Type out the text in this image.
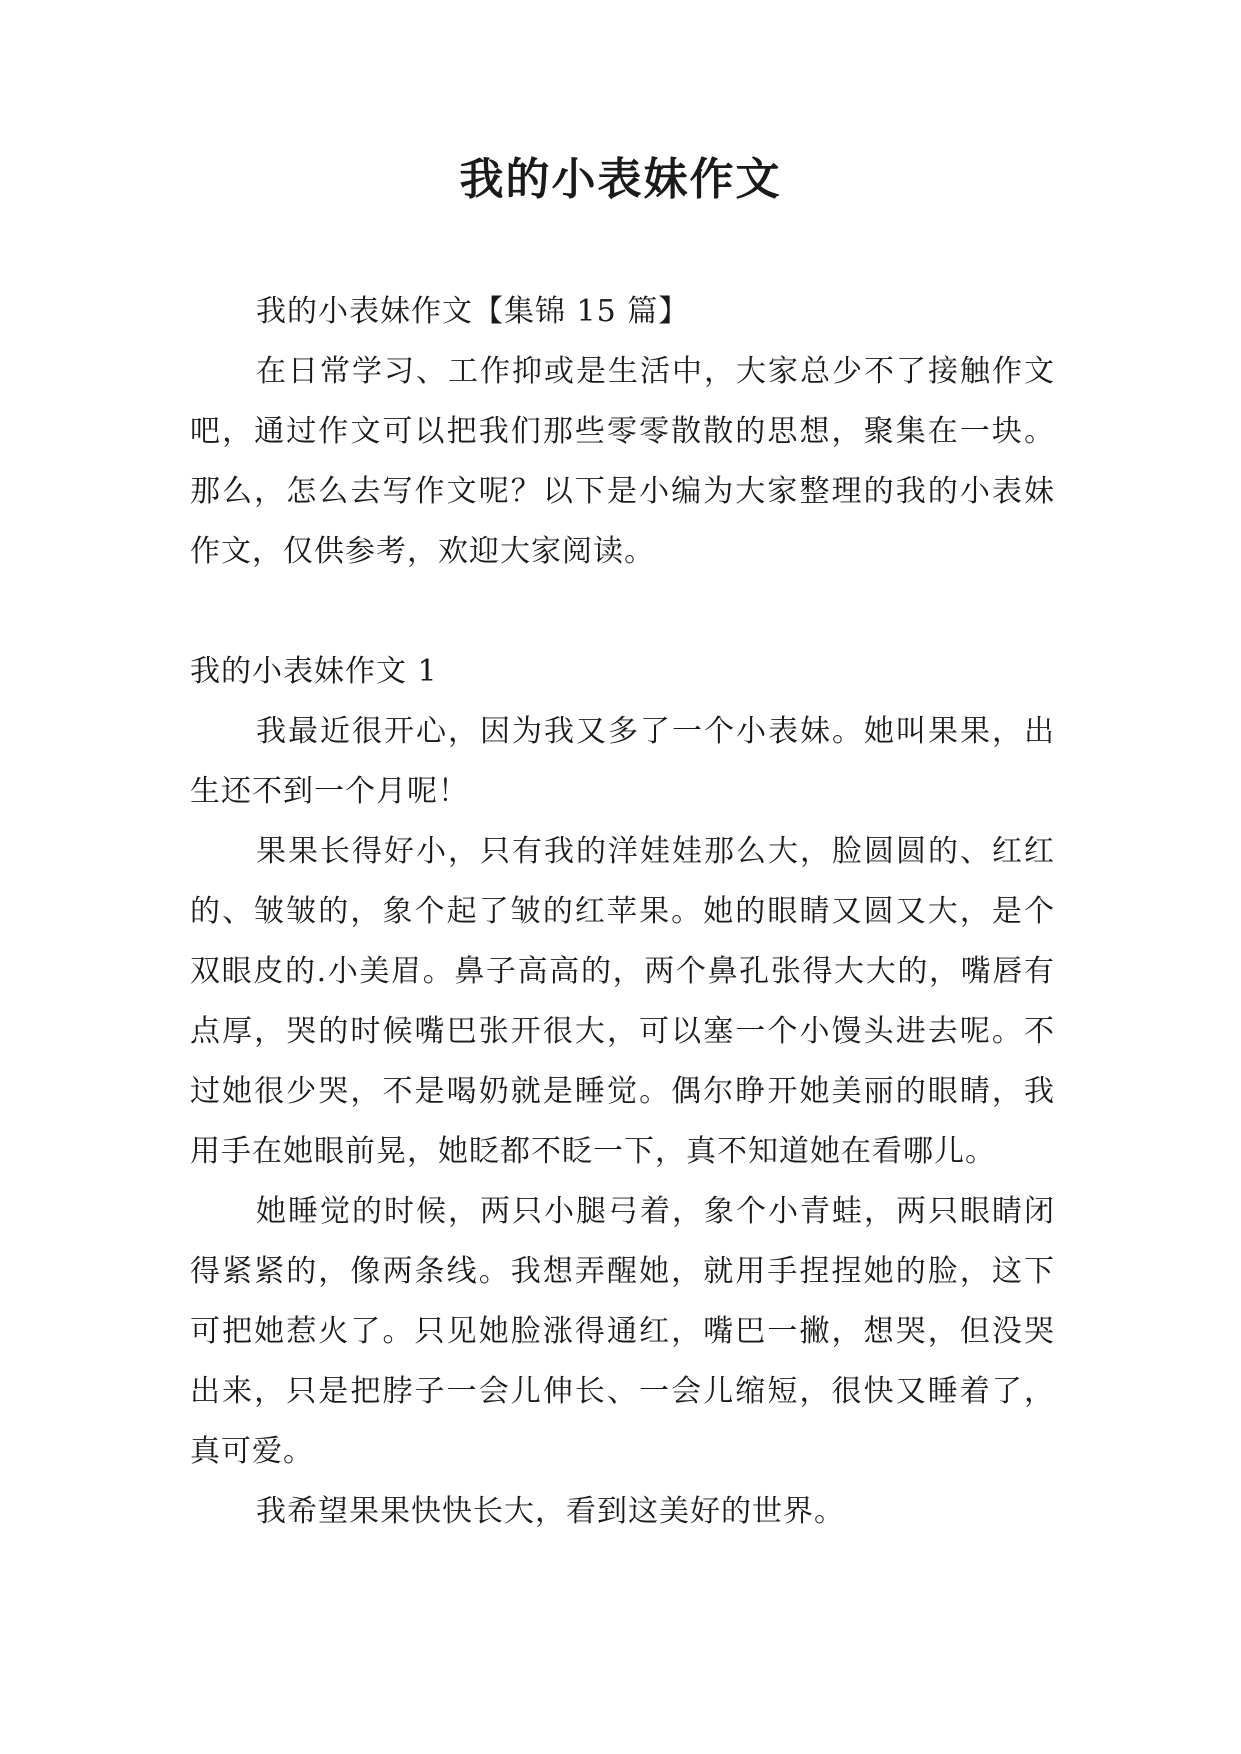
我的小表妹作文

我的小表妹作文【集锦 15 篇】

在日常学习、工作抑或是生活中，大家总少不了接触作文吧，通过作文可以把我们那些零零散散的思想，聚集在一块。那么，怎么去写作文呢？以下是小编为大家整理的我的小表妹作文，仅供参考，欢迎大家阅读。

我的小表妹作文 1

我最近很开心，因为我又多了一个小表妹。她叫果果，出生还不到一个月呢！

果果长得好小，只有我的洋娃娃那么大，脸圆圆的、红红的、皱皱的，象个起了皱的红苹果。她的眼睛又圆又大，是个双眼皮的.小美眉。鼻子高高的，两个鼻孔张得大大的，嘴唇有点厚，哭的时候嘴巴张开很大，可以塞一个小馒头进去呢。不过她很少哭，不是喝奶就是睡觉。偶尔睁开她美丽的眼睛，我用手在她眼前晃，她眨都不眨一下，真不知道她在看哪儿。

她睡觉的时候，两只小腿弓着，象个小青蛙，两只眼睛闭得紧紧的，像两条线。我想弄醒她，就用手捏捏她的脸，这下可把她惹火了。只见她脸涨得通红，嘴巴一撇，想哭，但没哭出来，只是把脖子一会儿伸长、一会儿缩短，很快又睡着了，真可爱。

我希望果果快快长大，看到这美好的世界。
